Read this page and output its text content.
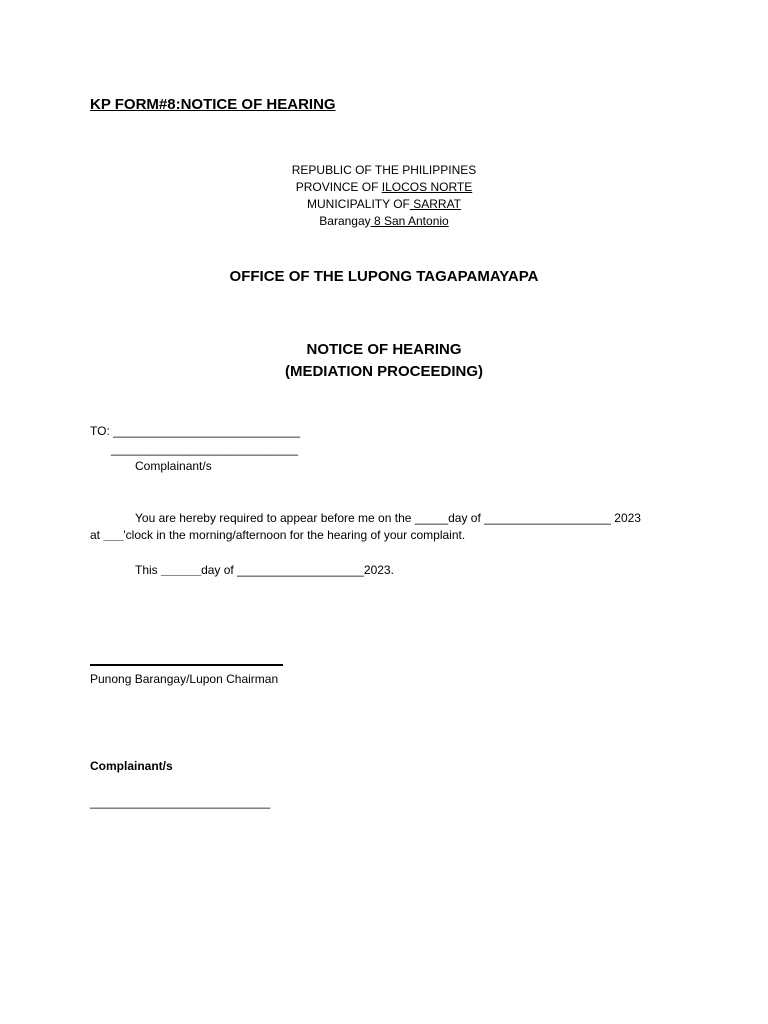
KP FORM#8:NOTICE OF HEARING
REPUBLIC OF THE PHILIPPINES
PROVINCE OF ILOCOS NORTE
MUNICIPALITY OF SARRAT
Barangay 8 San Antonio
OFFICE OF THE LUPONG TAGAPAMAYAPA
NOTICE OF HEARING
(MEDIATION PROCEEDING)
TO: ____________________________
____________________________
Complainant/s
You are hereby required to appear before me on the _____day of ___________________ 2023
at ___'clock in the morning/afternoon for the hearing of your complaint.
This ______day of ___________________2023.
Punong Barangay/Lupon Chairman
Complainant/s
___________________________
